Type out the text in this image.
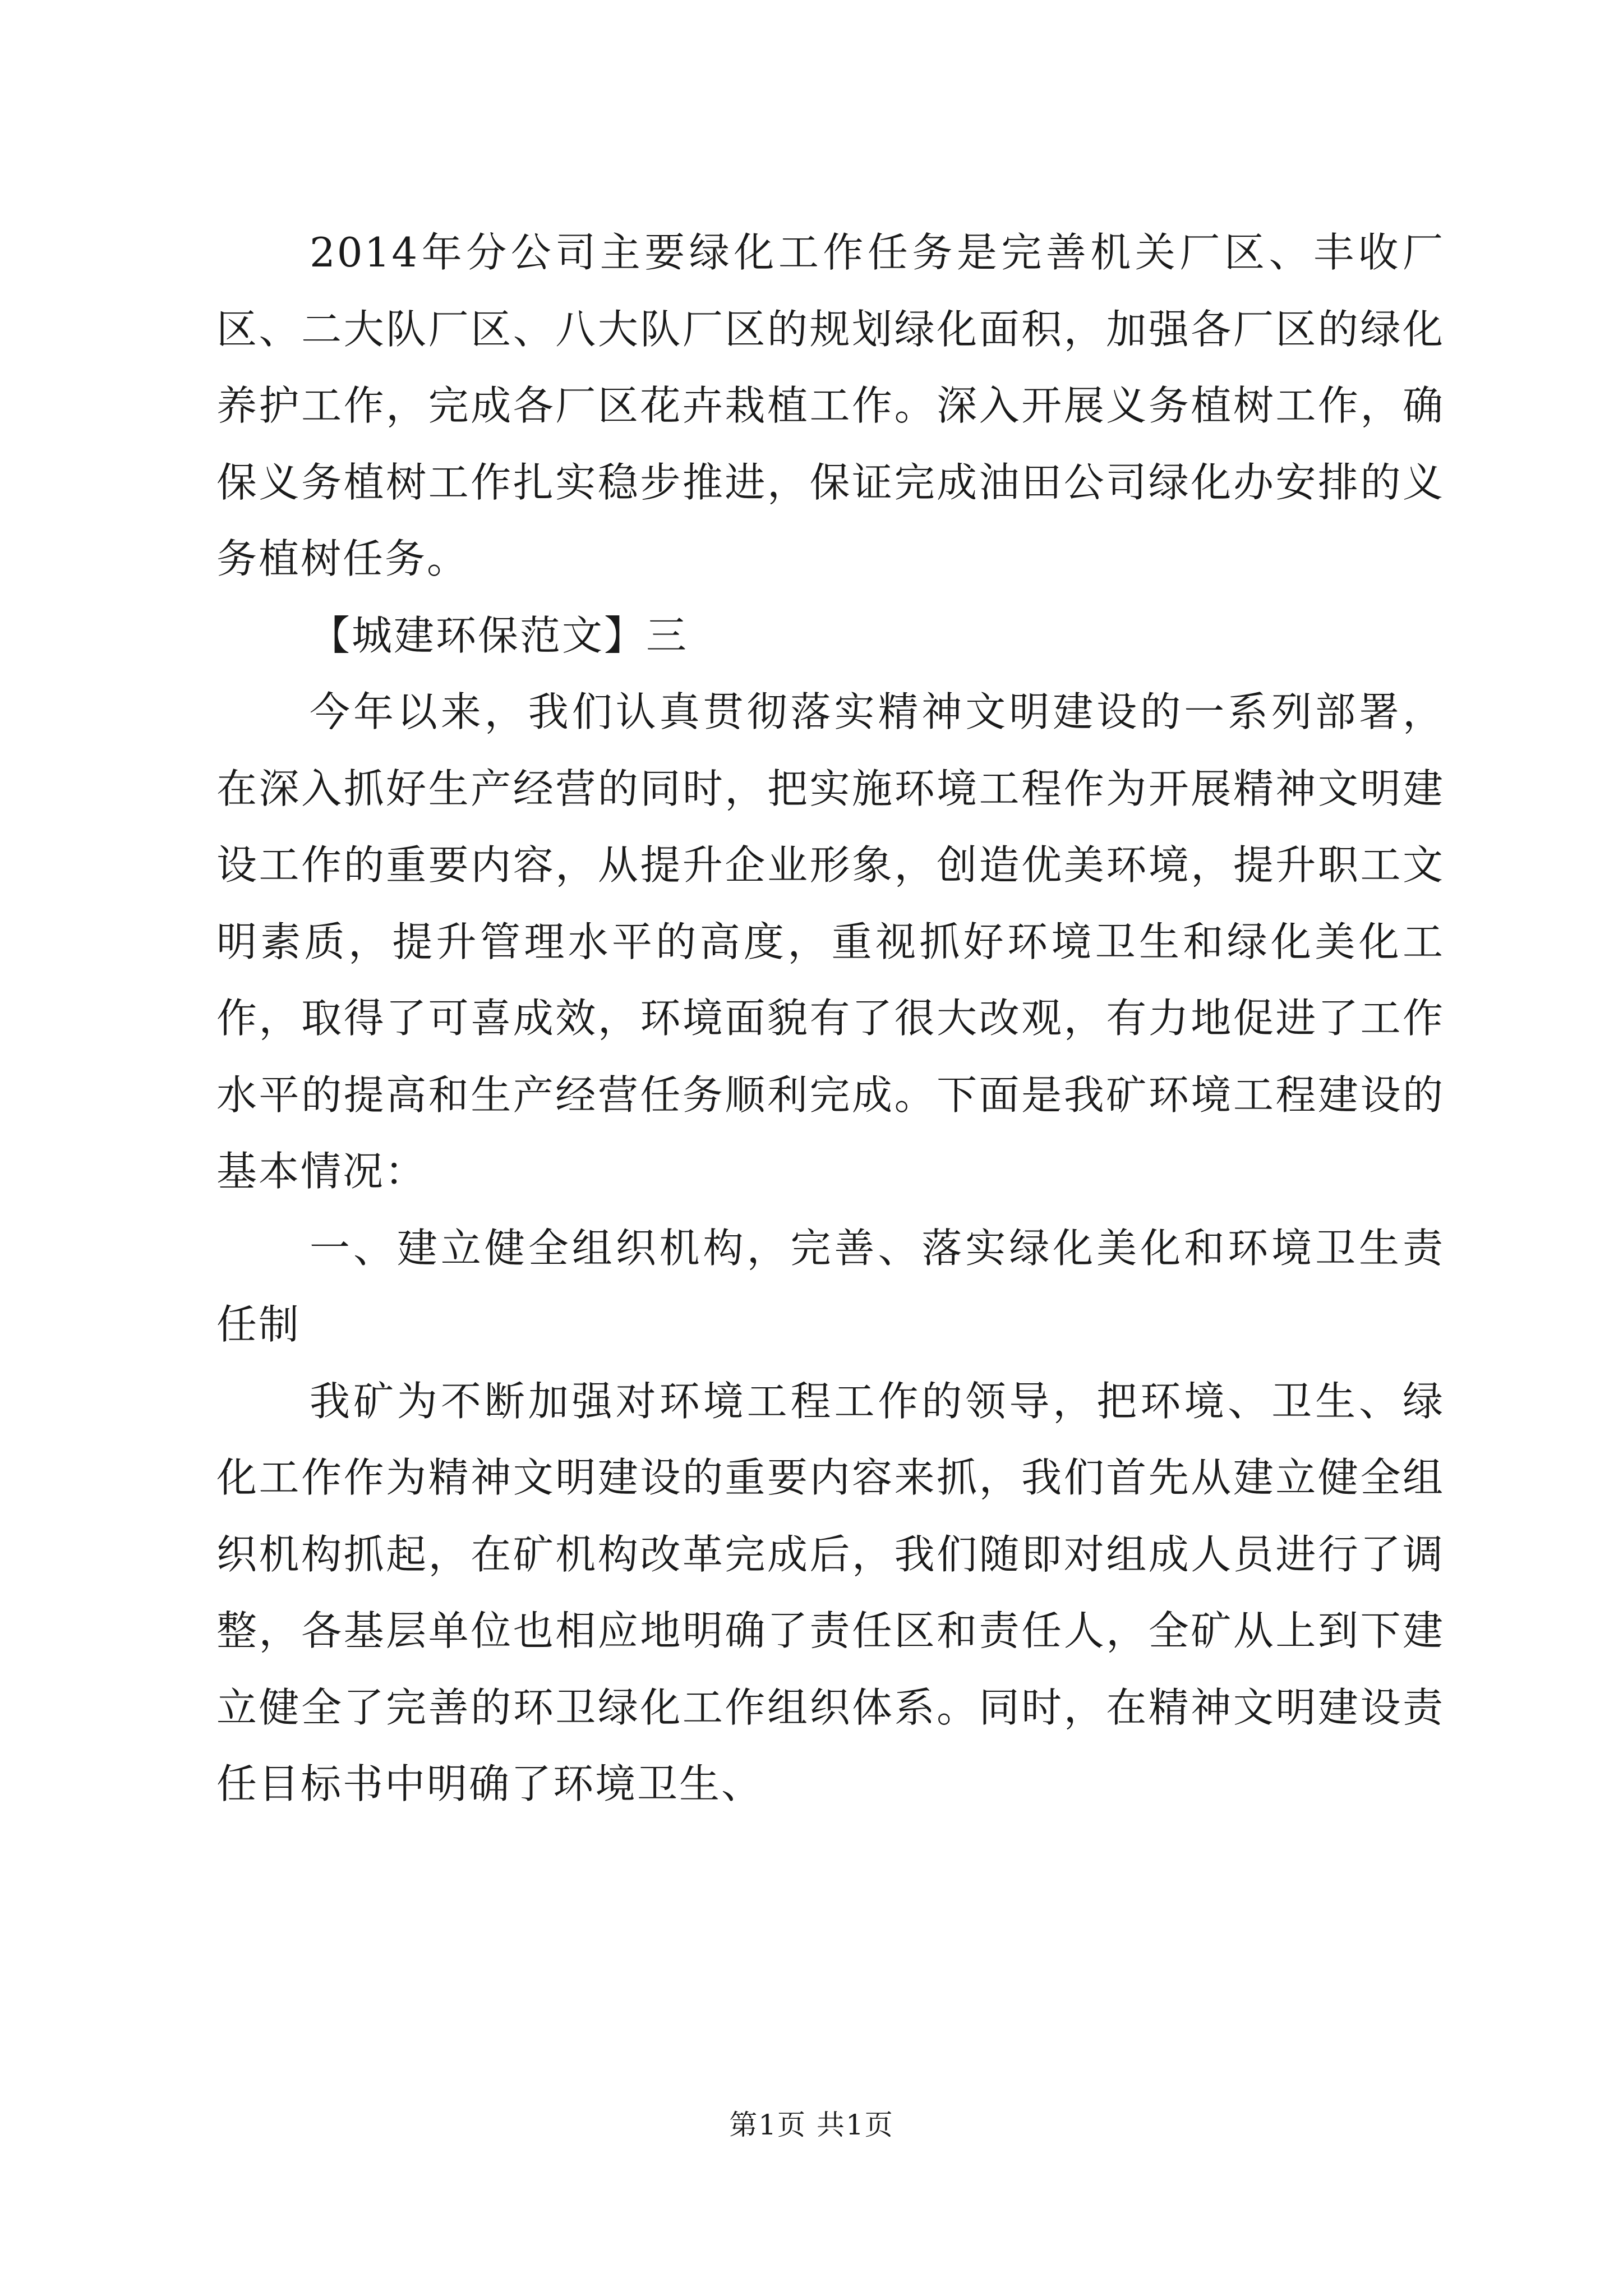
2014年分公司主要绿化工作任务是完善机关厂区、丰收厂区、二大队厂区、八大队厂区的规划绿化面积，加强各厂区的绿化养护工作，完成各厂区花卉栽植工作。深入开展义务植树工作，确保义务植树工作扎实稳步推进，保证完成油田公司绿化办安排的义务植树任务。

【城建环保范文】三

今年以来，我们认真贯彻落实精神文明建设的一系列部署，在深入抓好生产经营的同时，把实施环境工程作为开展精神文明建设工作的重要内容，从提升企业形象，创造优美环境，提升职工文明素质，提升管理水平的高度，重视抓好环境卫生和绿化美化工作，取得了可喜成效，环境面貌有了很大改观，有力地促进了工作水平的提高和生产经营任务顺利完成。下面是我矿环境工程建设的基本情况：

一、建立健全组织机构，完善、落实绿化美化和环境卫生责任制

我矿为不断加强对环境工程工作的领导，把环境、卫生、绿化工作作为精神文明建设的重要内容来抓，我们首先从建立健全组织机构抓起，在矿机构改革完成后，我们随即对组成人员进行了调整，各基层单位也相应地明确了责任区和责任人，全矿从上到下建立健全了完善的环卫绿化工作组织体系。同时，在精神文明建设责任目标书中明确了环境卫生、

第1页 共1页
